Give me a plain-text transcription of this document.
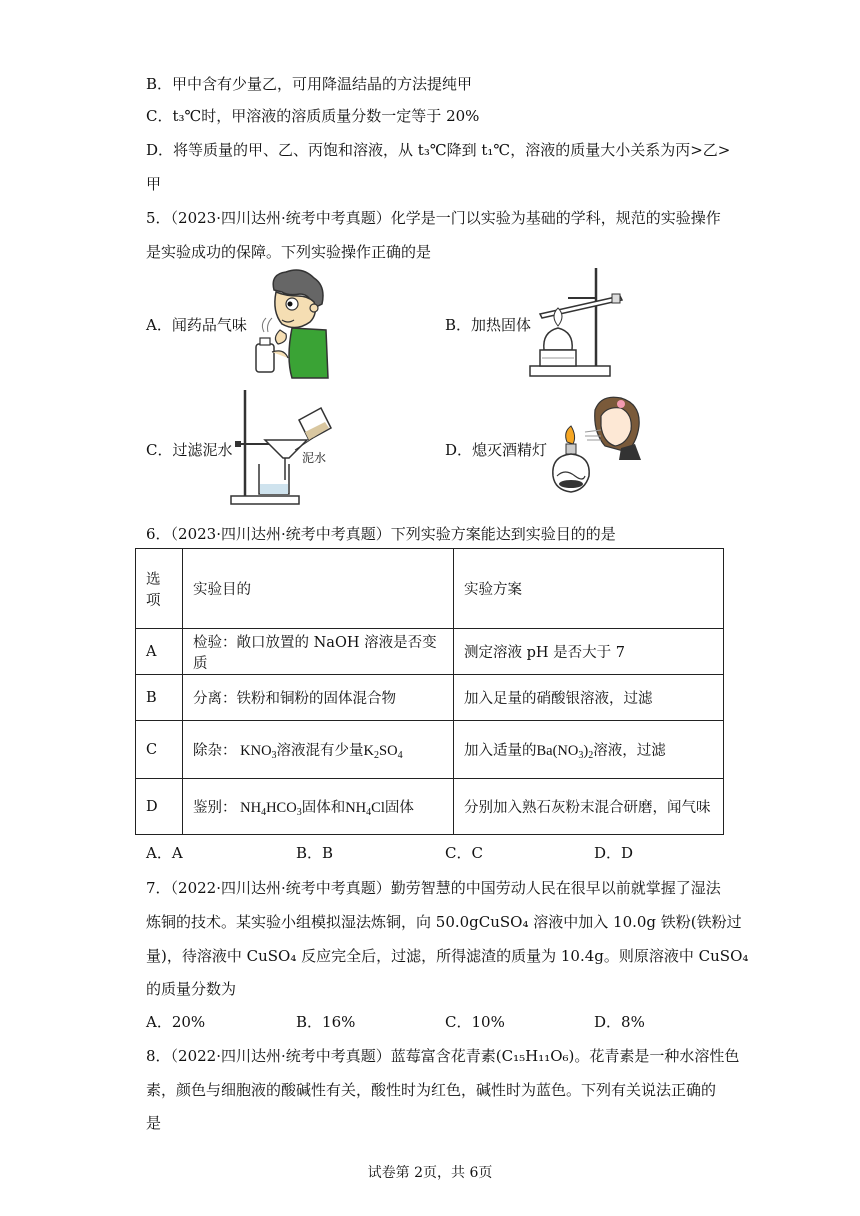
B．甲中含有少量乙，可用降温结晶的方法提纯甲
C．t₃℃时，甲溶液的溶质质量分数一定等于 20%
D．将等质量的甲、乙、丙饱和溶液，从 t₃℃降到 t₁℃，溶液的质量大小关系为丙>乙>
甲
5．（2023·四川达州·统考中考真题）化学是一门以实验为基础的学科，规范的实验操作
是实验成功的保障。下列实验操作正确的是
A．闻药品气味	B．加热固体
C．过滤泥水	D．熄灭酒精灯
泥水
6．（2023·四川达州·统考中考真题）下列实验方案能达到实验目的的是
选
项	实验目的	实验方案
A	检验：敞口放置的 NaOH 溶液是否变质	测定溶液 pH 是否大于 7
B	分离：铁粉和铜粉的固体混合物	加入足量的硝酸银溶液，过滤
C	除杂： $KNO_3$溶液混有少量$K_2SO_4$	加入适量的$Ba(NO_3)_2$溶液，过滤
D	鉴别： $NH_4HCO_3$固体和$NH_4Cl$固体	分别加入熟石灰粉末混合研磨，闻气味
A．A	B．B	C．C	D．D
7．（2022·四川达州·统考中考真题）勤劳智慧的中国劳动人民在很早以前就掌握了湿法
炼铜的技术。某实验小组模拟湿法炼铜，向 50.0gCuSO₄ 溶液中加入 10.0g 铁粉(铁粉过
量)，待溶液中 CuSO₄ 反应完全后，过滤，所得滤渣的质量为 10.4g。则原溶液中 CuSO₄
的质量分数为
A．20%	B．16%	C．10%	D．8%
8．（2022·四川达州·统考中考真题）蓝莓富含花青素(C₁₅H₁₁O₆)。花青素是一种水溶性色
素，颜色与细胞液的酸碱性有关，酸性时为红色，碱性时为蓝色。下列有关说法正确的
是
试卷第 2页，共 6页
